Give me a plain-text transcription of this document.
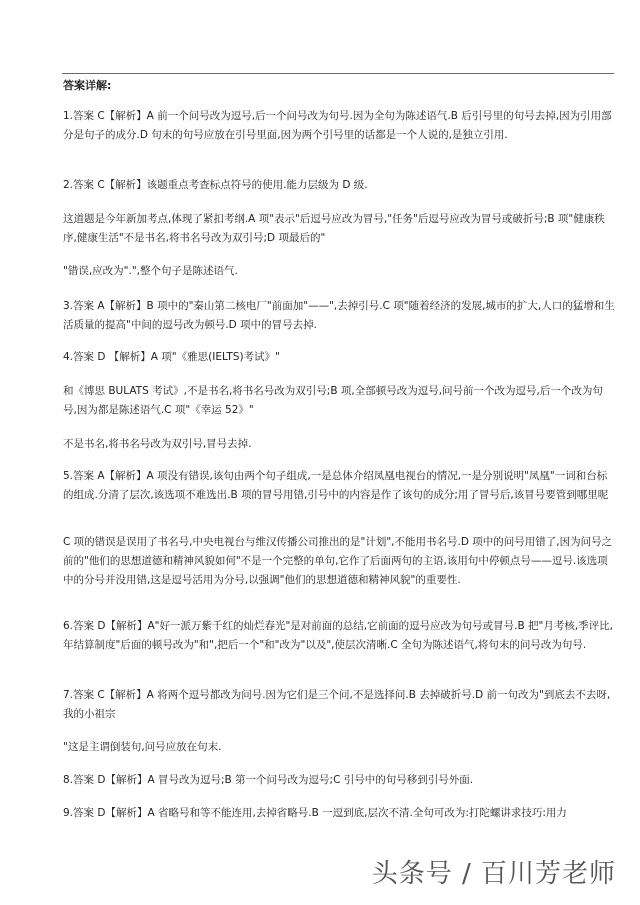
答案详解:
1.答案 C【解析】A 前一个问号改为逗号,后一个问号改为句号.因为全句为陈述语气.B 后引号里的句号去掉,因为引用部分是句子的成分.D 句末的句号应放在引号里面,因为两个引号里的话都是一个人说的,是独立引用.
2.答案 C【解析】该题重点考查标点符号的使用.能力层级为 D 级.
这道题是今年新加考点,体现了紧扣考纲.A 项"表示"后逗号应改为冒号,"任务"后逗号应改为冒号或破折号;B 项"健康秩序,健康生活"不是书名,将书名号改为双引号;D 项最后的"
"错误,应改为".",整个句子是陈述语气.
3.答案 A【解析】B 项中的"秦山第二核电厂"前面加"——",去掉引号.C 项"随着经济的发展,城市的扩大,人口的猛增和生活质量的提高"中间的逗号改为顿号.D 项中的冒号去掉.
4.答案 D 【解析】A 项"《雅思(IELTS)考试》"
和《博思 BULATS 考试》,不是书名,将书名号改为双引号;B 项,全部顿号改为逗号,问号前一个改为逗号,后一个改为句号,因为都是陈述语气.C 项"《幸运 52》"
不是书名,将书名号改为双引号,冒号去掉.
5.答案 A【解析】A 项没有错误,该句由两个句子组成,一是总体介绍凤凰电视台的情况,一是分别说明"凤凰"一词和台标的组成.分清了层次,该选项不难选出.B 项的冒号用错,引号中的内容是作了该句的成分;用了冒号后,该冒号要管到哪里呢
C 项的错误是误用了书名号,中央电视台与维汉传播公司推出的是"计划",不能用书名号.D 项中的问号用错了,因为问号之前的"他们的思想道德和精神风貌如何"不是一个完整的单句,它作了后面两句的主语,该用句中停顿点号——逗号.该选项中的分号并没用错,这是逗号活用为分号,以强调"他们的思想道德和精神风貌"的重要性.
6.答案 D【解析】A"好一派万紫千红的灿烂春光"是对前面的总结,它前面的逗号应改为句号或冒号.B 把"月考核,季评比,年结算制度"后面的顿号改为"和",把后一个"和"改为"以及",使层次清晰.C 全句为陈述语气,将句末的问号改为句号.
7.答案 C【解析】A 将两个逗号都改为问号.因为它们是三个问,不是选择问.B 去掉破折号.D 前一句改为"到底去不去呀,我的小祖宗
"这是主谓倒装句,问号应放在句末.
8.答案 D【解析】A 冒号改为逗号;B 第一个问号改为逗号;C 引号中的句号移到引号外面.
9.答案 D【解析】A 省略号和等不能连用,去掉省略号.B 一逗到底,层次不清.全句可改为:打陀螺讲求技巧:用力
头条号 / 百川芳老师
